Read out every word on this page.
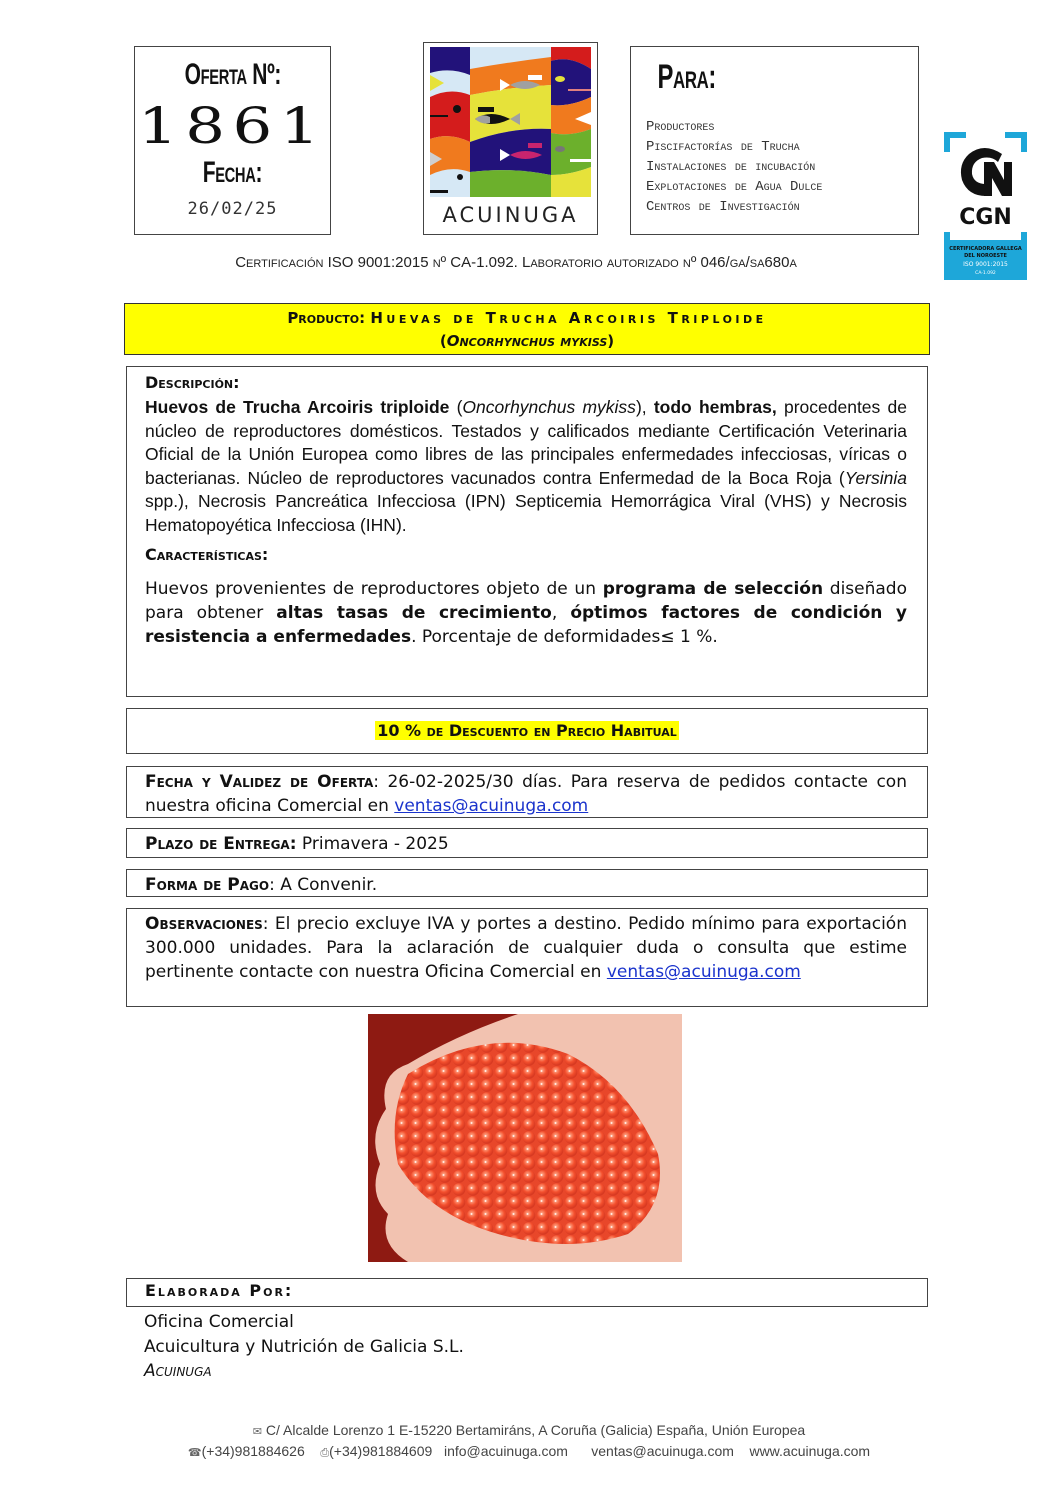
Oferta Nº:
1861
Fecha:
26/02/25	ACUINUGA
Para:
Productores
Piscifactorías de Trucha
Instalaciones de incubación
Explotaciones de Agua Dulce
Centros de Investigación	CGN
CERTIFICADORA GALLEGA
DEL NOROESTE
ISO 9001:2015
CA-1.092
Certificación ISO 9001:2015 nº CA-1.092. Laboratorio autorizado nº 046/ga/sa680a
Producto: Huevas de Trucha Arcoiris Triploide
(Oncorhynchus mykiss)
Descripción:
Huevos de Trucha Arcoiris triploide (Oncorhynchus mykiss), todo hembras, procedentes de núcleo de reproductores domésticos. Testados y calificados mediante Certificación Veterinaria Oficial de la Unión Europea como libres de las principales enfermedades infecciosas, víricas o bacterianas. Núcleo de reproductores vacunados contra Enfermedad de la Boca Roja (Yersinia spp.), Necrosis Pancreática Infecciosa (IPN) Septicemia Hemorrágica Viral (VHS) y Necrosis Hematopoyética Infecciosa (IHN).
Características:
Huevos provenientes de reproductores objeto de un programa de selección diseñado para obtener altas tasas de crecimiento, óptimos factores de condición y resistencia a enfermedades. Porcentaje de deformidades≤ 1 %.
10 % de Descuento en Precio Habitual
Fecha y Validez de Oferta: 26-02-2025/30 días. Para reserva de pedidos contacte con nuestra oficina Comercial en ventas@acuinuga.com
Plazo de Entrega: Primavera - 2025
Forma de Pago: A Convenir.
Observaciones: El precio excluye IVA y portes a destino. Pedido mínimo para exportación 300.000 unidades. Para la aclaración de cualquier duda o consulta que estime pertinente contacte con nuestra Oficina Comercial en ventas@acuinuga.com
Elaborada Por:
Oficina Comercial
Acuicultura y Nutrición de Galicia S.L.
Acuinuga
✉ C/ Alcalde Lorenzo 1 E-15220 Bertamiráns, A Coruña (Galicia) España, Unión Europea
☎(+34)981884626 ⎙(+34)981884609 info@acuinuga.com ventas@acuinuga.com www.acuinuga.com
